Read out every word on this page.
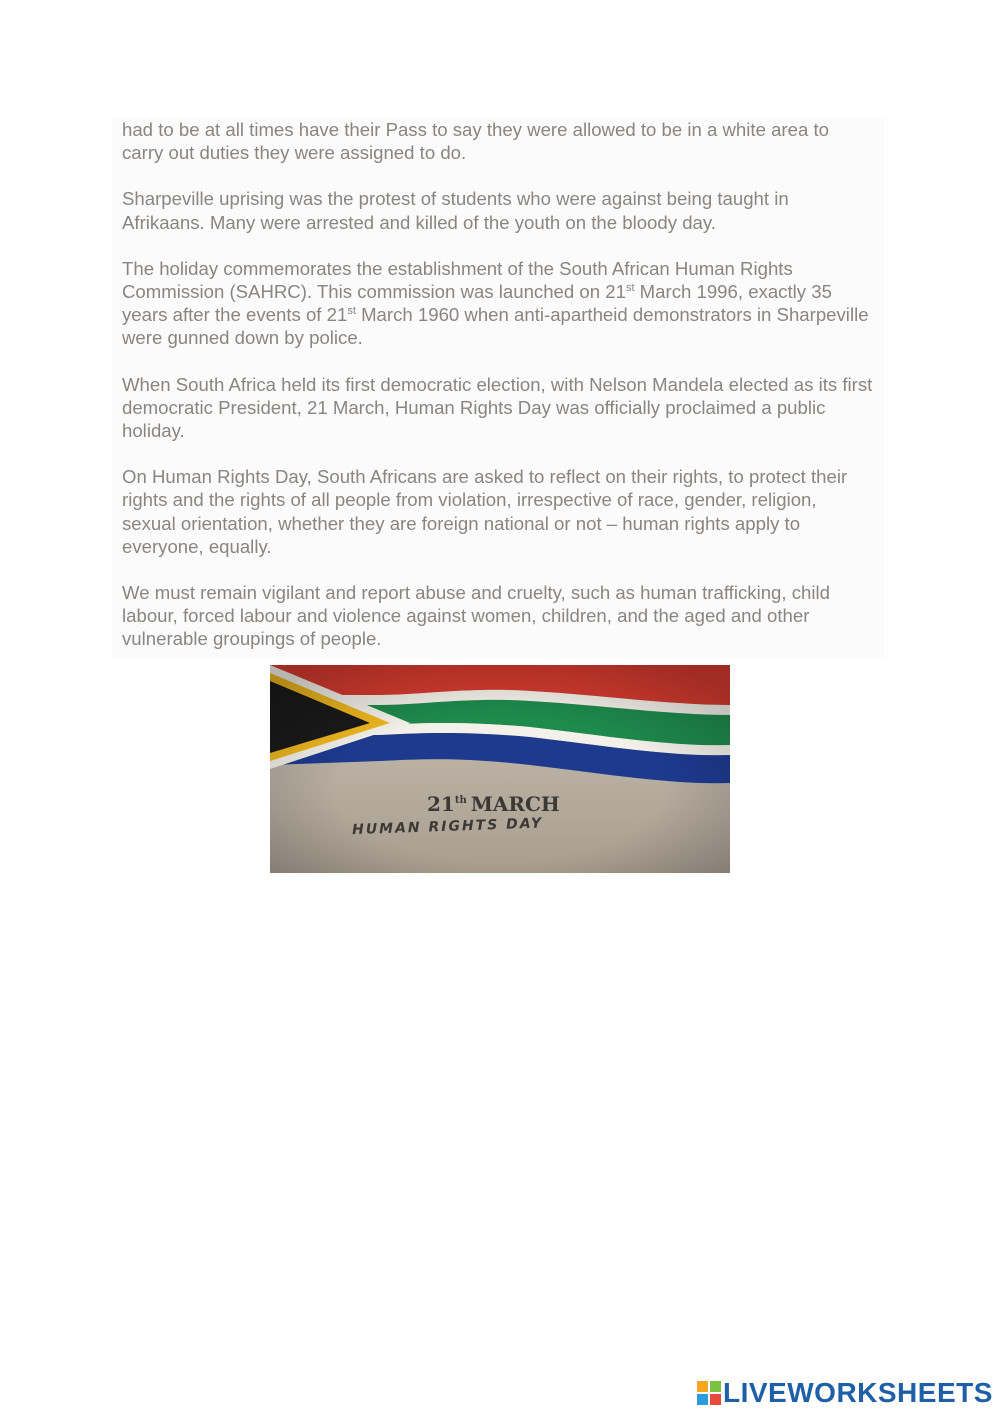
had to be at all times have their Pass to say they were allowed to be in a white area to carry out duties they were assigned to do.

Sharpeville uprising was the protest of students who were against being taught in Afrikaans. Many were arrested and killed of the youth on the bloody day.

The holiday commemorates the establishment of the South African Human Rights Commission (SAHRC). This commission was launched on 21st March 1996, exactly 35 years after the events of 21st March 1960 when anti-apartheid demonstrators in Sharpeville were gunned down by police.

When South Africa held its first democratic election, with Nelson Mandela elected as its first democratic President, 21 March, Human Rights Day was officially proclaimed a public holiday.

On Human Rights Day, South Africans are asked to reflect on their rights, to protect their rights and the rights of all people from violation, irrespective of race, gender, religion, sexual orientation, whether they are foreign national or not – human rights apply to everyone, equally.

We must remain vigilant and report abuse and cruelty, such as human trafficking, child labour, forced labour and violence against women, children, and the aged and other vulnerable groupings of people.

21th MARCH
HUMAN RIGHTS DAY
LIVEWORKSHEETS
